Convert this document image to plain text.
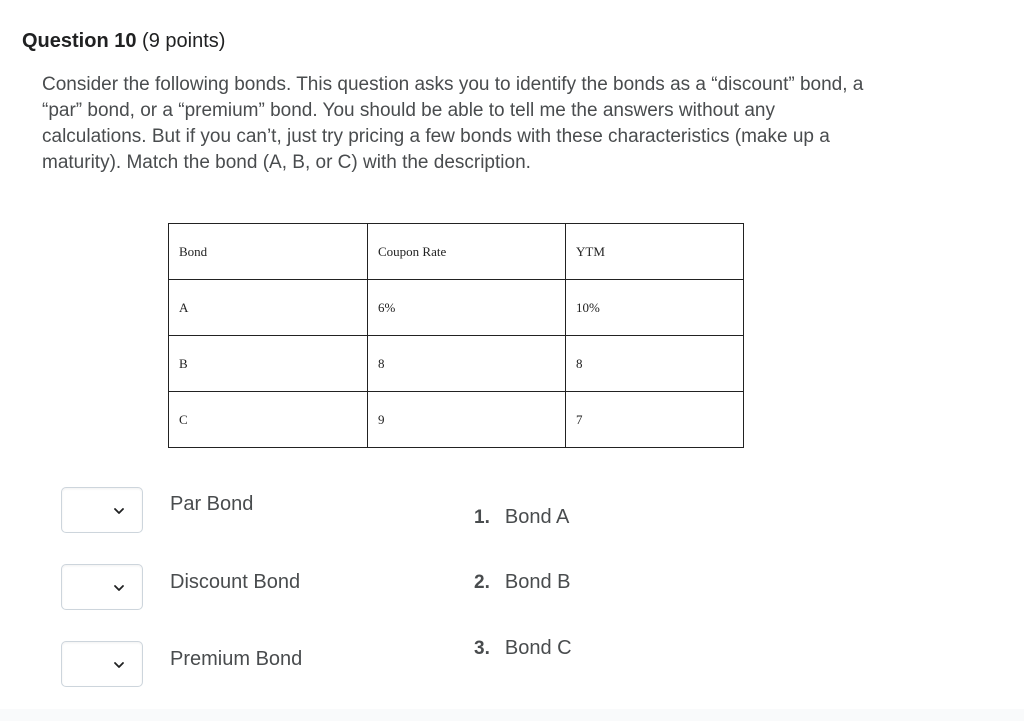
Question 10 (9 points)
Consider the following bonds. This question asks you to identify the bonds as a “discount” bond, a “par” bond, or a “premium” bond. You should be able to tell me the answers without any calculations. But if you can’t, just try pricing a few bonds with these characteristics (make up a maturity). Match the bond (A, B, or C) with the description.
Bond	Coupon Rate	YTM
A	6%	10%
B	8	8
C	9	7
Par Bond
Discount Bond
Premium Bond
1. Bond A
2. Bond B
3. Bond C
